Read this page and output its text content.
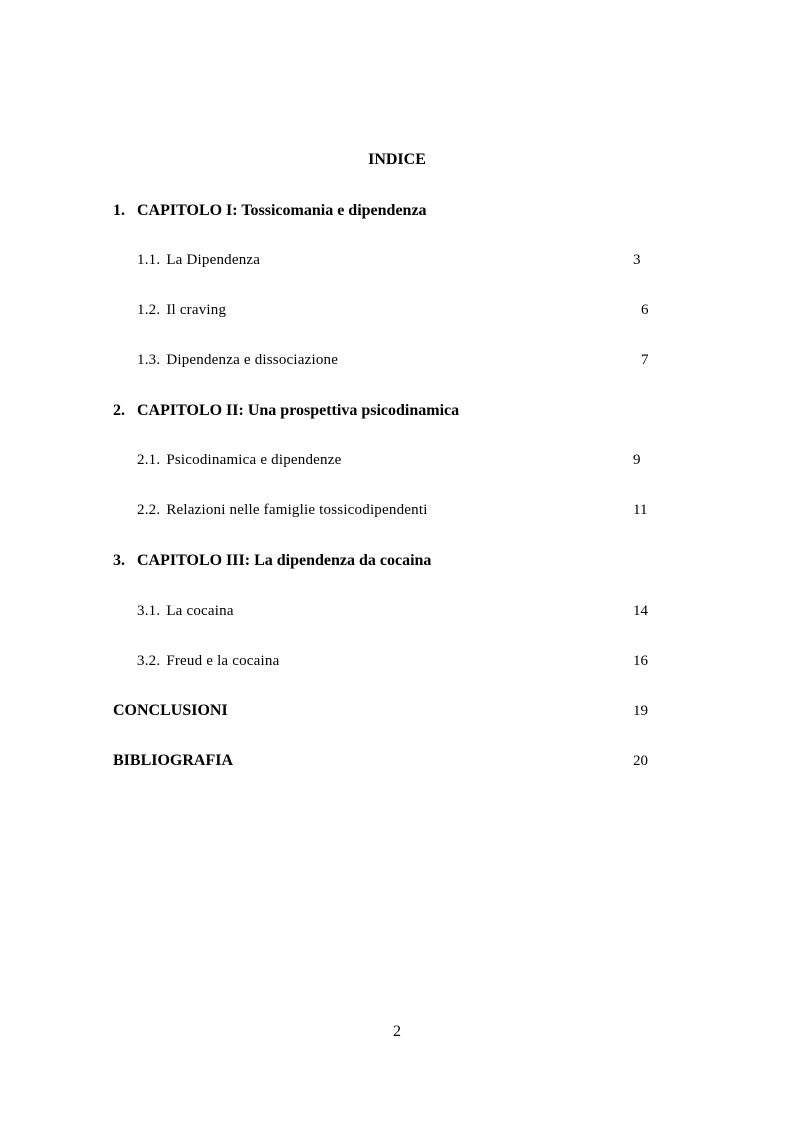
INDICE
1. CAPITOLO I: Tossicomania e dipendenza
1.1. La Dipendenza	3
1.2. Il craving	6
1.3. Dipendenza e dissociazione	7
2. CAPITOLO II: Una prospettiva psicodinamica
2.1. Psicodinamica e dipendenze	9
2.2. Relazioni nelle famiglie tossicodipendenti	11
3. CAPITOLO III: La dipendenza da cocaina
3.1. La cocaina	14
3.2. Freud e la cocaina	16
CONCLUSIONI	19
BIBLIOGRAFIA	20
2
